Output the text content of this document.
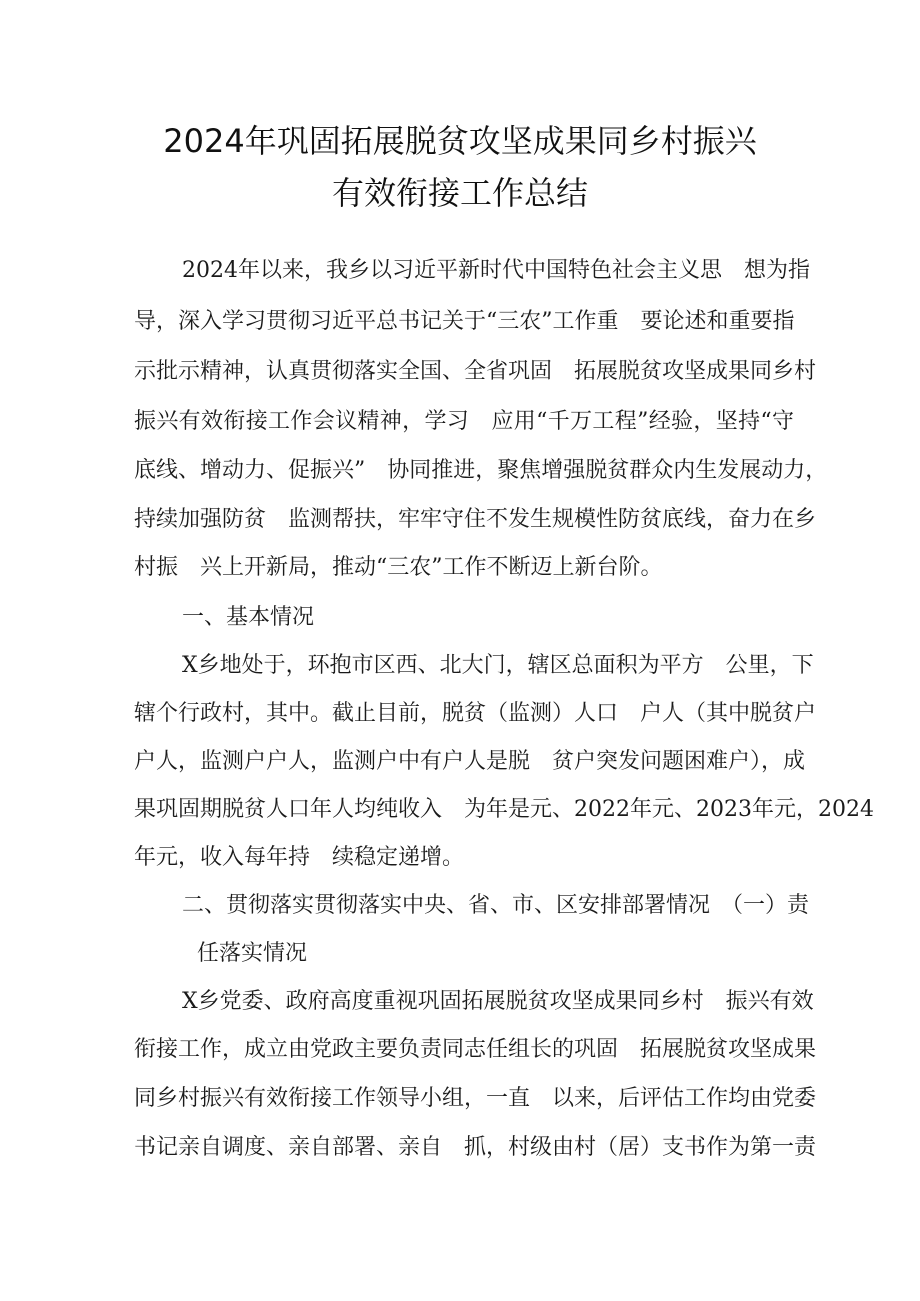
2024年巩固拓展脱贫攻坚成果同乡村振兴
有效衔接工作总结
2024年以来，我乡以习近平新时代中国特色社会主义思　想为指
导，深入学习贯彻习近平总书记关于“三农”工作重　要论述和重要指
示批示精神，认真贯彻落实全国、全省巩固　拓展脱贫攻坚成果同乡村
振兴有效衔接工作会议精神，学习　应用“千万工程”经验，坚持“守
底线、增动力、促振兴”　协同推进，聚焦增强脱贫群众内生发展动力，
持续加强防贫　监测帮扶，牢牢守住不发生规模性防贫底线，奋力在乡
村振　兴上开新局，推动“三农”工作不断迈上新台阶。
一、基本情况
X乡地处于，环抱市区西、北大门，辖区总面积为平方　公里，下
辖个行政村，其中。截止目前，脱贫（监测）人口　户人（其中脱贫户
户人，监测户户人，监测户中有户人是脱　贫户突发问题困难户），成
果巩固期脱贫人口年人均纯收入　为年是元、2022年元、2023年元，2024
年元，收入每年持　续稳定递增。
二、贯彻落实贯彻落实中央、省、市、区安排部署情况　（一）责
任落实情况
X乡党委、政府高度重视巩固拓展脱贫攻坚成果同乡村　振兴有效
衔接工作，成立由党政主要负责同志任组长的巩固　拓展脱贫攻坚成果
同乡村振兴有效衔接工作领导小组，一直　以来，后评估工作均由党委
书记亲自调度、亲自部署、亲自　抓，村级由村（居）支书作为第一责
